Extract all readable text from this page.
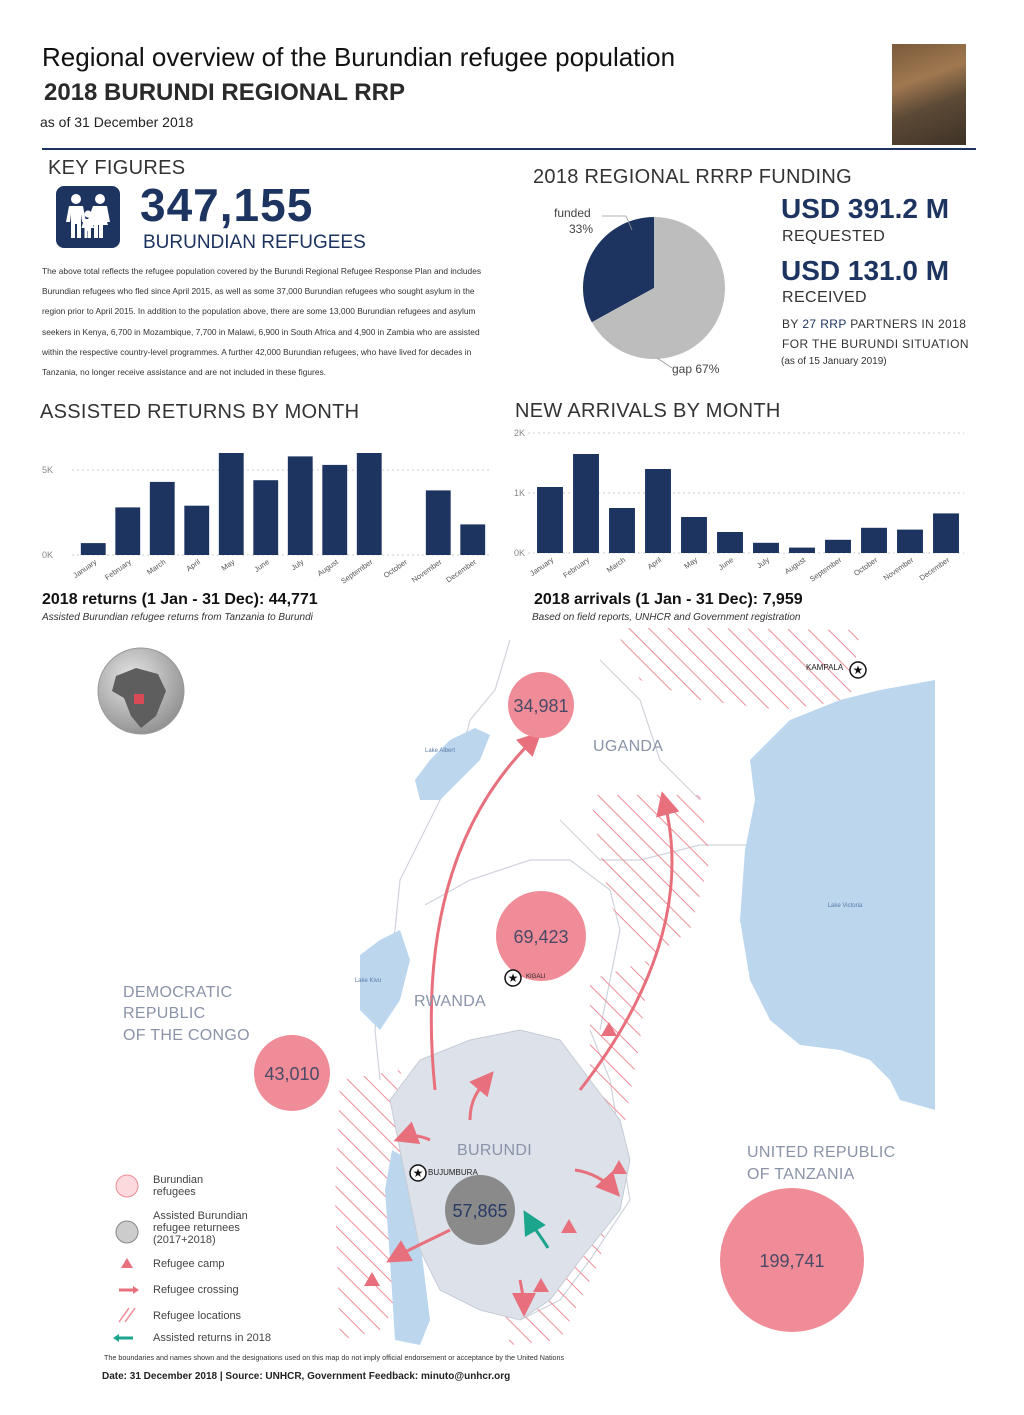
Regional overview of the Burundian refugee population
2018 BURUNDI REGIONAL RRP
as of 31 December 2018
KEY FIGURES
347,155
BURUNDIAN REFUGEES
The above total reflects the refugee population covered by the Burundi Regional Refugee Response Plan and includes Burundian refugees who fled since April 2015, as well as some 37,000 Burundian refugees who sought asylum in the region prior to April 2015. In addition to the population above, there are some 13,000 Burundian refugees and asylum seekers in Kenya, 6,700 in Mozambique, 7,700 in Malawi, 6,900 in South Africa and 4,900 in Zambia who are assisted within the respective country-level programmes. A further 42,000 Burundian refugees, who have lived for decades in Tanzania, no longer receive assistance and are not included in these figures.
2018 REGIONAL RRRP FUNDING
funded
33%
gap 67%
USD 391.2 M
REQUESTED
USD 131.0 M
RECEIVED
BY 27 RRP PARTNERS IN 2018
FOR THE BURUNDI SITUATION
(as of 15 January 2019)
ASSISTED RETURNS BY MONTH
0K
5K
January February March April May June July August September October November December
2018 returns (1 Jan - 31 Dec): 44,771
Assisted Burundian refugee returns from Tanzania to Burundi
NEW ARRIVALS BY MONTH
0K
1K
2K
January February March April	May June	July August September October November December
2018 arrivals (1 Jan - 31 Dec): 7,959
Based on field reports, UNHCR and Government registration
34,981
69,423
43,010
199,741
57,865
★
KAMPALA
★ KIGALI
★ BUJUMBURA
Lake Albert
Lake Victoria
Lake Kivu
UGANDA
RWANDA
BURUNDI
DEMOCRATIC
REPUBLIC
OF THE CONGO
UNITED REPUBLIC
OF TANZANIA
Burundian refugees
Assisted Burundian refugee returnees (2017+2018)
Refugee camp
Refugee crossing
Refugee locations
Assisted returns in 2018
The boundaries and names shown and the designations used on this map do not imply official endorsement or acceptance by the United Nations
Date: 31 December 2018 | Source: UNHCR, Government Feedback: minuto@unhcr.org
